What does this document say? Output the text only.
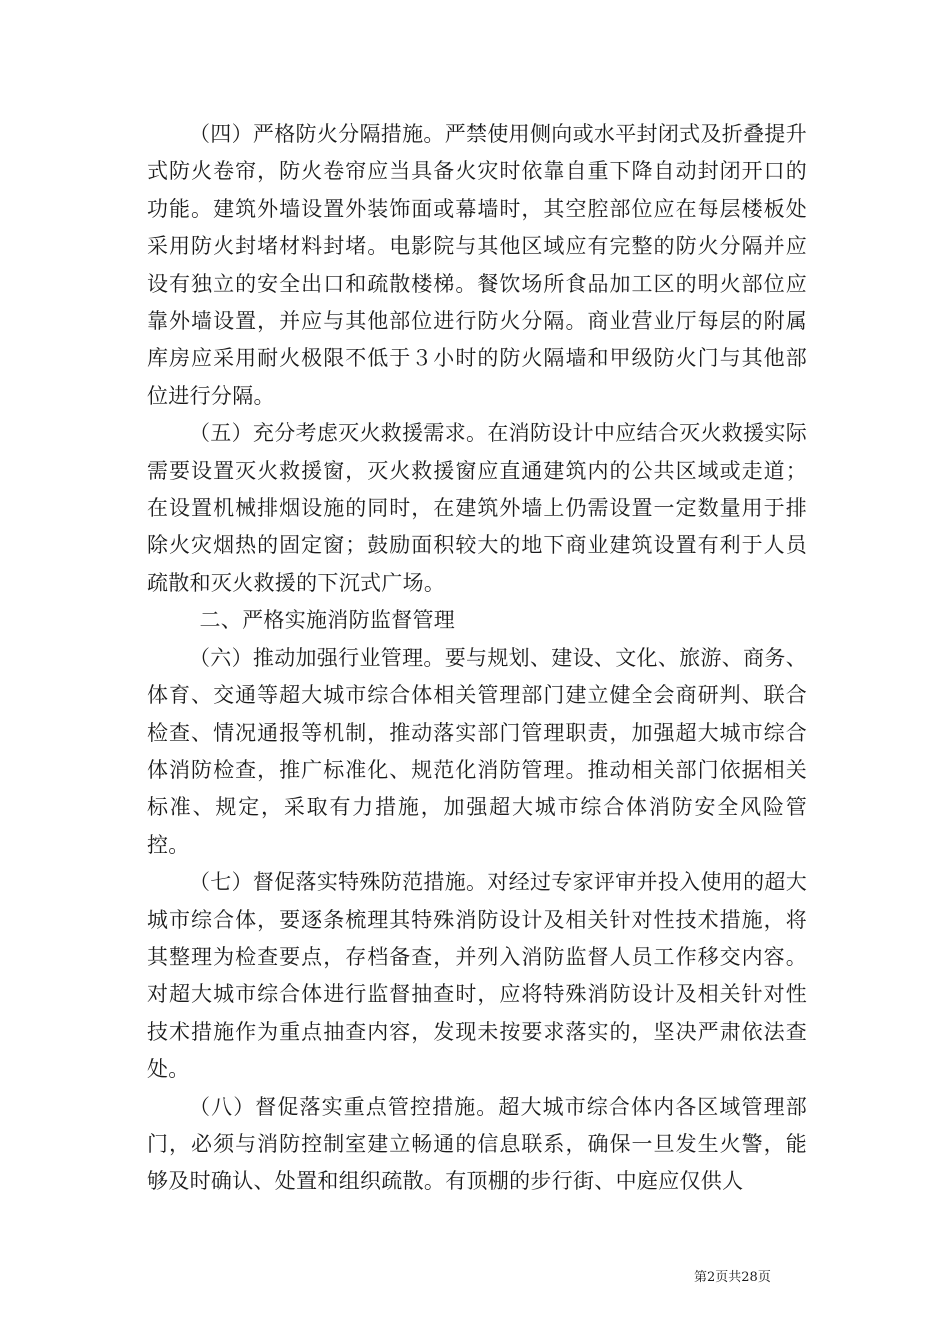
（四）严格防火分隔措施。严禁使用侧向或水平封闭式及折叠提升式防火卷帘，防火卷帘应当具备火灾时依靠自重下降自动封闭开口的功能。建筑外墙设置外装饰面或幕墙时，其空腔部位应在每层楼板处采用防火封堵材料封堵。电影院与其他区域应有完整的防火分隔并应设有独立的安全出口和疏散楼梯。餐饮场所食品加工区的明火部位应靠外墙设置，并应与其他部位进行防火分隔。商业营业厅每层的附属库房应采用耐火极限不低于３小时的防火隔墙和甲级防火门与其他部位进行分隔。

（五）充分考虑灭火救援需求。在消防设计中应结合灭火救援实际需要设置灭火救援窗，灭火救援窗应直通建筑内的公共区域或走道；在设置机械排烟设施的同时，在建筑外墙上仍需设置一定数量用于排除火灾烟热的固定窗；鼓励面积较大的地下商业建筑设置有利于人员疏散和灭火救援的下沉式广场。

二、严格实施消防监督管理

（六）推动加强行业管理。要与规划、建设、文化、旅游、商务、体育、交通等超大城市综合体相关管理部门建立健全会商研判、联合检查、情况通报等机制，推动落实部门管理职责，加强超大城市综合体消防检查，推广标准化、规范化消防管理。推动相关部门依据相关标准、规定，采取有力措施，加强超大城市综合体消防安全风险管控。

（七）督促落实特殊防范措施。对经过专家评审并投入使用的超大城市综合体，要逐条梳理其特殊消防设计及相关针对性技术措施，将其整理为检查要点，存档备查，并列入消防监督人员工作移交内容。对超大城市综合体进行监督抽查时，应将特殊消防设计及相关针对性技术措施作为重点抽查内容，发现未按要求落实的，坚决严肃依法查处。

（八）督促落实重点管控措施。超大城市综合体内各区域管理部门，必须与消防控制室建立畅通的信息联系，确保一旦发生火警，能够及时确认、处置和组织疏散。有顶棚的步行街、中庭应仅供人

第2页共28页
